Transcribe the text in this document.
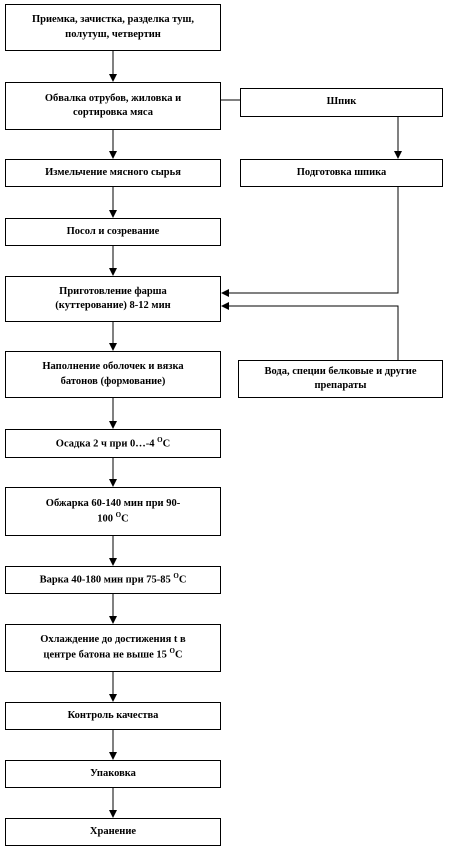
Приемка, зачистка, разделка туш,
полутуш, четвертин
Обвалка отрубов, жиловка и
сортировка мяса
Измельчение мясного сырья
Посол и созревание
Приготовление фарша
(куттерование) 8-12 мин
Наполнение оболочек и вязка
батонов (формование)
Осадка 2 ч при 0…-4 $^O$C
Обжарка 60-140 мин при 90-
100 $^O$C
Варка 40-180 мин при 75-85 $^O$C
Охлаждение до достижения t в
центре батона не выше 15 $^O$C
Контроль качества
Упаковка
Хранение
Шпик
Подготовка шпика
Вода, специи белковые и другие
препараты
